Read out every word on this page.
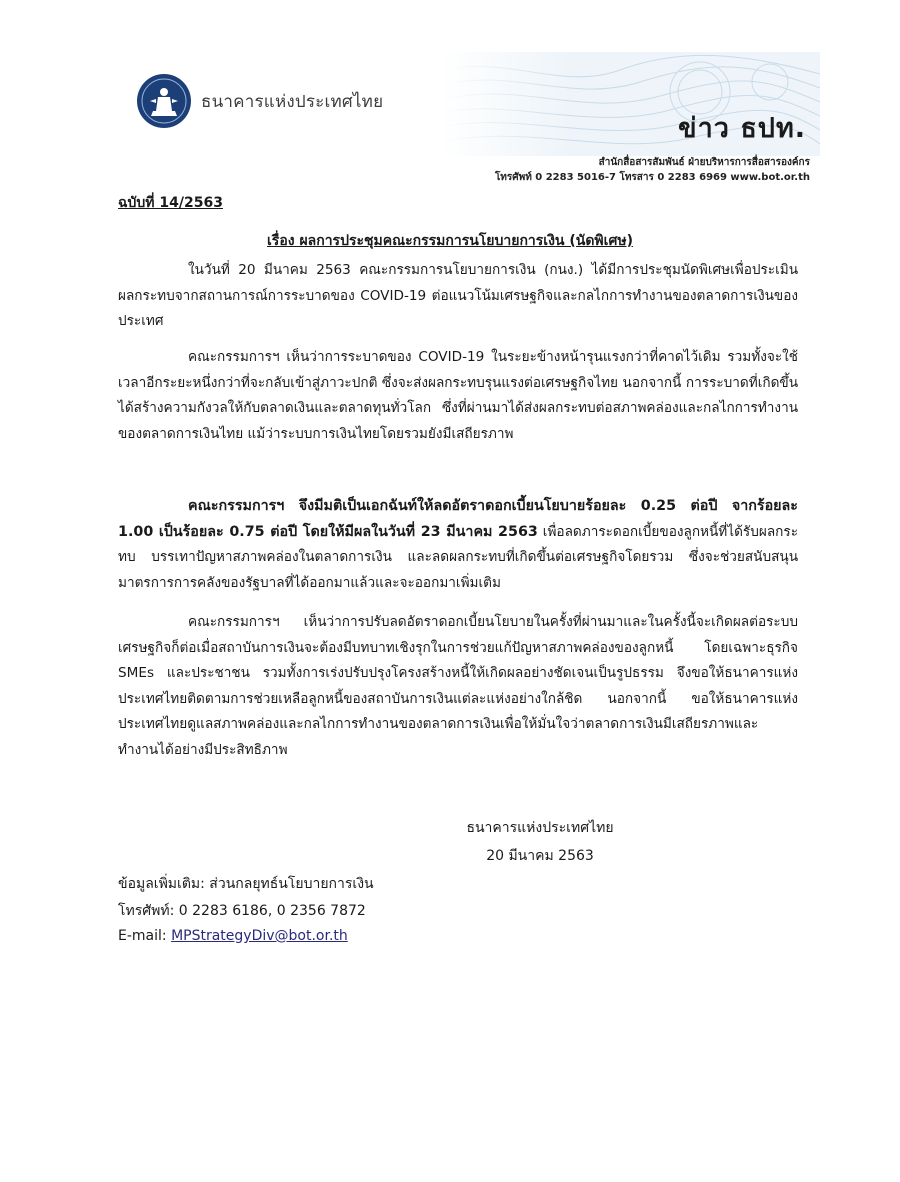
ธนาคารแห่งประเทศไทย
ข่าว ธปท.
สำนักสื่อสารสัมพันธ์ ฝ่ายบริหารการสื่อสารองค์กร
โทรศัพท์ 0 2283 5016-7 โทรสาร 0 2283 6969 www.bot.or.th
ฉบับที่ 14/2563
เรื่อง ผลการประชุมคณะกรรมการนโยบายการเงิน (นัดพิเศษ)

ในวันที่ 20 มีนาคม 2563 คณะกรรมการนโยบายการเงิน (กนง.) ได้มีการประชุมนัดพิเศษเพื่อประเมินผลกระทบจากสถานการณ์การระบาดของ COVID-19 ต่อแนวโน้มเศรษฐกิจและกลไกการทำงานของตลาดการเงินของประเทศ

คณะกรรมการฯ เห็นว่าการระบาดของ COVID-19 ในระยะข้างหน้ารุนแรงกว่าที่คาดไว้เดิม รวมทั้งจะใช้เวลาอีกระยะหนึ่งกว่าที่จะกลับเข้าสู่ภาวะปกติ ซึ่งจะส่งผลกระทบรุนแรงต่อเศรษฐกิจไทย นอกจากนี้ การระบาดที่เกิดขึ้นได้สร้างความกังวลให้กับตลาดเงินและตลาดทุนทั่วโลก ซึ่งที่ผ่านมาได้ส่งผลกระทบต่อสภาพคล่องและกลไกการทำงานของตลาดการเงินไทย แม้ว่าระบบการเงินไทยโดยรวมยังมีเสถียรภาพ

คณะกรรมการฯ จึงมีมติเป็นเอกฉันท์ให้ลดอัตราดอกเบี้ยนโยบายร้อยละ 0.25 ต่อปี จากร้อยละ 1.00 เป็นร้อยละ 0.75 ต่อปี โดยให้มีผลในวันที่ 23 มีนาคม 2563 เพื่อลดภาระดอกเบี้ยของลูกหนี้ที่ได้รับผลกระทบ บรรเทาปัญหาสภาพคล่องในตลาดการเงิน และลดผลกระทบที่เกิดขึ้นต่อเศรษฐกิจโดยรวม ซึ่งจะช่วยสนับสนุนมาตรการการคลังของรัฐบาลที่ได้ออกมาแล้วและจะออกมาเพิ่มเติม

คณะกรรมการฯ เห็นว่าการปรับลดอัตราดอกเบี้ยนโยบายในครั้งที่ผ่านมาและในครั้งนี้จะเกิดผลต่อระบบเศรษฐกิจก็ต่อเมื่อสถาบันการเงินจะต้องมีบทบาทเชิงรุกในการช่วยแก้ปัญหาสภาพคล่องของลูกหนี้ โดยเฉพาะธุรกิจ SMEs และประชาชน รวมทั้งการเร่งปรับปรุงโครงสร้างหนี้ให้เกิดผลอย่างชัดเจนเป็นรูปธรรม จึงขอให้ธนาคารแห่งประเทศไทยติดตามการช่วยเหลือลูกหนี้ของสถาบันการเงินแต่ละแห่งอย่างใกล้ชิด นอกจากนี้ ขอให้ธนาคารแห่งประเทศไทยดูแลสภาพคล่องและกลไกการทำงานของตลาดการเงินเพื่อให้มั่นใจว่าตลาดการเงินมีเสถียรภาพและทำงานได้อย่างมีประสิทธิภาพ

ธนาคารแห่งประเทศไทย
20 มีนาคม 2563
ข้อมูลเพิ่มเติม: ส่วนกลยุทธ์นโยบายการเงิน
โทรศัพท์: 0 2283 6186, 0 2356 7872
E-mail: MPStrategyDiv@bot.or.th
